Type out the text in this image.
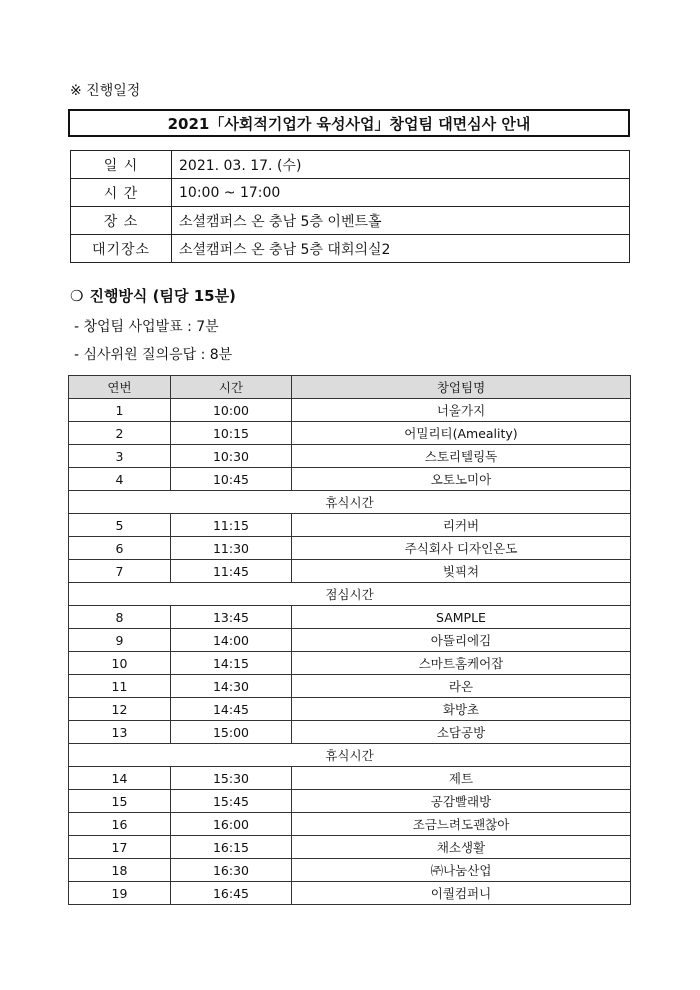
※ 진행일정
2021「사회적기업가 육성사업」창업팀 대면심사 안내
일 시	2021. 03. 17. (수)
시 간	10:00 ~ 17:00
장 소	소셜캠퍼스 온 충남 5층 이벤트홀
대기장소	소셜캠퍼스 온 충남 5층 대회의실2
❍ 진행방식 (팀당 15분)
- 창업팀 사업발표 : 7분
- 심사위원 질의응답 : 8분
연번	시간	창업팀명
1	10:00	너울가지
2	10:15	어밀리티(Ameality)
3	10:30	스토리텔링독
4	10:45	오토노미아
휴식시간		
5	11:15	리커버
6	11:30	주식회사 디자인온도
7	11:45	빛픽쳐
점심시간		
8	13:45	SAMPLE
9	14:00	아뜰리에김
10	14:15	스마트홈케어잡
11	14:30	라온
12	14:45	화방초
13	15:00	소담공방
휴식시간		
14	15:30	제트
15	15:45	공감빨래방
16	16:00	조금느려도괜찮아
17	16:15	채소생활
18	16:30	㈜나눔산업
19	16:45	이퀄컴퍼니
